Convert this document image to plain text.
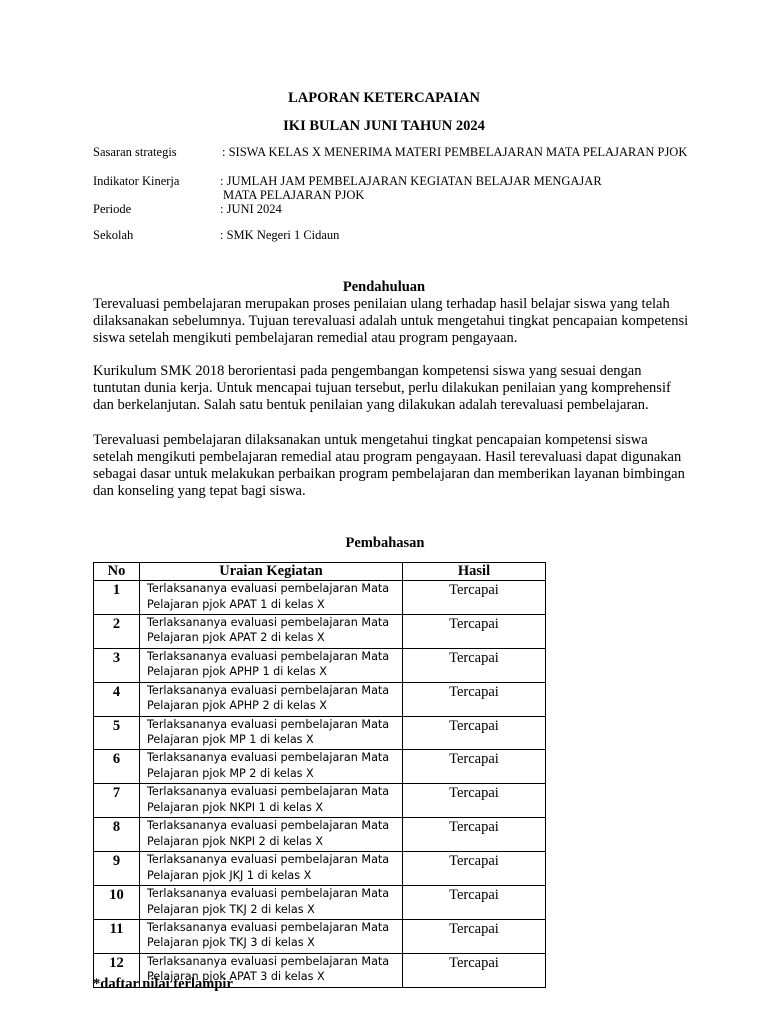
LAPORAN KETERCAPAIAN
IKI BULAN JUNI TAHUN 2024
Sasaran strategis	: SISWA KELAS X MENERIMA MATERI PEMBELAJARAN MATA PELAJARAN PJOK
Indikator Kinerja	: JUMLAH JAM PEMBELAJARAN KEGIATAN BELAJAR MENGAJAR
MATA PELAJARAN PJOK
Periode	: JUNI 2024
Sekolah	: SMK Negeri 1 Cidaun
Pendahuluan
Terevaluasi pembelajaran merupakan proses penilaian ulang terhadap hasil belajar siswa yang telah
dilaksanakan sebelumnya. Tujuan terevaluasi adalah untuk mengetahui tingkat pencapaian kompetensi
siswa setelah mengikuti pembelajaran remedial atau program pengayaan.
Kurikulum SMK 2018 berorientasi pada pengembangan kompetensi siswa yang sesuai dengan
tuntutan dunia kerja. Untuk mencapai tujuan tersebut, perlu dilakukan penilaian yang komprehensif
dan berkelanjutan. Salah satu bentuk penilaian yang dilakukan adalah terevaluasi pembelajaran.
Terevaluasi pembelajaran dilaksanakan untuk mengetahui tingkat pencapaian kompetensi siswa
setelah mengikuti pembelajaran remedial atau program pengayaan. Hasil terevaluasi dapat digunakan
sebagai dasar untuk melakukan perbaikan program pembelajaran dan memberikan layanan bimbingan
dan konseling yang tepat bagi siswa.
Pembahasan
No	Uraian Kegiatan	Hasil
1	Terlaksananya evaluasi pembelajaran Mata
Pelajaran pjok APAT 1 di kelas X	Tercapai
2	Terlaksananya evaluasi pembelajaran Mata
Pelajaran pjok APAT 2 di kelas X	Tercapai
3	Terlaksananya evaluasi pembelajaran Mata
Pelajaran pjok APHP 1 di kelas X	Tercapai
4	Terlaksananya evaluasi pembelajaran Mata
Pelajaran pjok APHP 2 di kelas X	Tercapai
5	Terlaksananya evaluasi pembelajaran Mata
Pelajaran pjok MP 1 di kelas X	Tercapai
6	Terlaksananya evaluasi pembelajaran Mata
Pelajaran pjok MP 2 di kelas X	Tercapai
7	Terlaksananya evaluasi pembelajaran Mata
Pelajaran pjok NKPI 1 di kelas X	Tercapai
8	Terlaksananya evaluasi pembelajaran Mata
Pelajaran pjok NKPI 2 di kelas X	Tercapai
9	Terlaksananya evaluasi pembelajaran Mata
Pelajaran pjok JKJ 1 di kelas X	Tercapai
10	Terlaksananya evaluasi pembelajaran Mata
Pelajaran pjok TKJ 2 di kelas X	Tercapai
11	Terlaksananya evaluasi pembelajaran Mata
Pelajaran pjok TKJ 3 di kelas X	Tercapai
12	Terlaksananya evaluasi pembelajaran Mata
Pelajaran pjok APAT 3 di kelas X	Tercapai
*daftar nilai terlampir
